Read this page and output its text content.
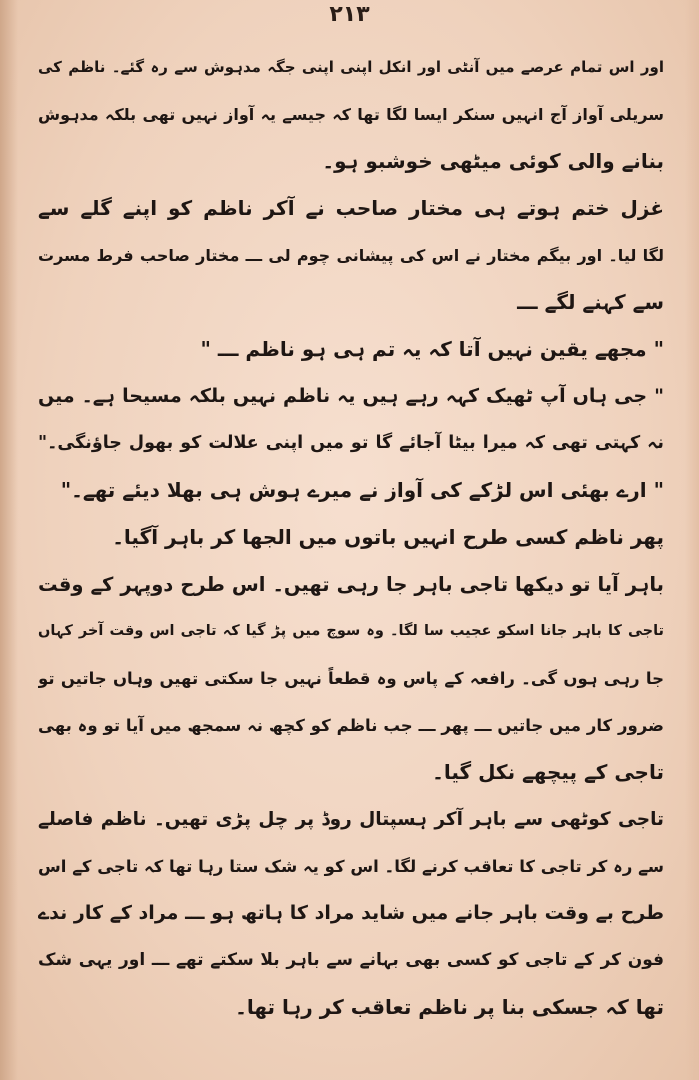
۲۱۳
اور اس تمام عرصے میں آنٹی اور انکل اپنی اپنی جگہ مدہوش سے رہ گئے۔ ناظم کی
سریلی آواز آج انہیں سنکر ایسا لگا تھا کہ جیسے یہ آواز نہیں تھی بلکہ مدہوش
بنانے والی کوئی میٹھی خوشبو ہو۔
غزل ختم ہوتے ہی مختار صاحب نے آکر ناظم کو اپنے گلے سے
لگا لیا۔ اور بیگم مختار نے اس کی پیشانی چوم لی ـــ مختار صاحب فرط مسرت
سے کہنے لگے ـــ
" مجھے یقین نہیں آتا کہ یہ تم ہی ہو ناظم ـــ "
" جی ہاں آپ ٹھیک کہہ رہے ہیں یہ ناظم نہیں بلکہ مسیحا ہے۔ میں
نہ کہتی تھی کہ میرا بیٹا آجائے گا تو میں اپنی علالت کو بھول جاؤنگی۔"
" ارے بھئی اس لڑکے کی آواز نے میرے ہوش ہی بھلا دیئے تھے۔"
پھر ناظم کسی طرح انہیں باتوں میں الجھا کر باہر آگیا۔
باہر آیا تو دیکھا تاجی باہر جا رہی تھیں۔ اس طرح دوپہر کے وقت
تاجی کا باہر جانا اسکو عجیب سا لگا۔ وہ سوچ میں پڑ گیا کہ تاجی اس وقت آخر کہاں
جا رہی ہوں گی۔ رافعہ کے پاس وہ قطعاً نہیں جا سکتی تھیں وہاں جاتیں تو
ضرور کار میں جاتیں ـــ پھر ـــ جب ناظم کو کچھ نہ سمجھ میں آیا تو وہ بھی
تاجی کے پیچھے نکل گیا۔
تاجی کوٹھی سے باہر آکر ہسپتال روڈ پر چل پڑی تھیں۔ ناظم فاصلے
سے رہ کر تاجی کا تعاقب کرنے لگا۔ اس کو یہ شک ستا رہا تھا کہ تاجی کے اس
طرح بے وقت باہر جانے میں شاید مراد کا ہاتھ ہو ـــ مراد کے کار ندے
فون کر کے تاجی کو کسی بھی بہانے سے باہر بلا سکتے تھے ـــ اور یہی شک
تھا کہ جسکی بنا پر ناظم تعاقب کر رہا تھا۔
